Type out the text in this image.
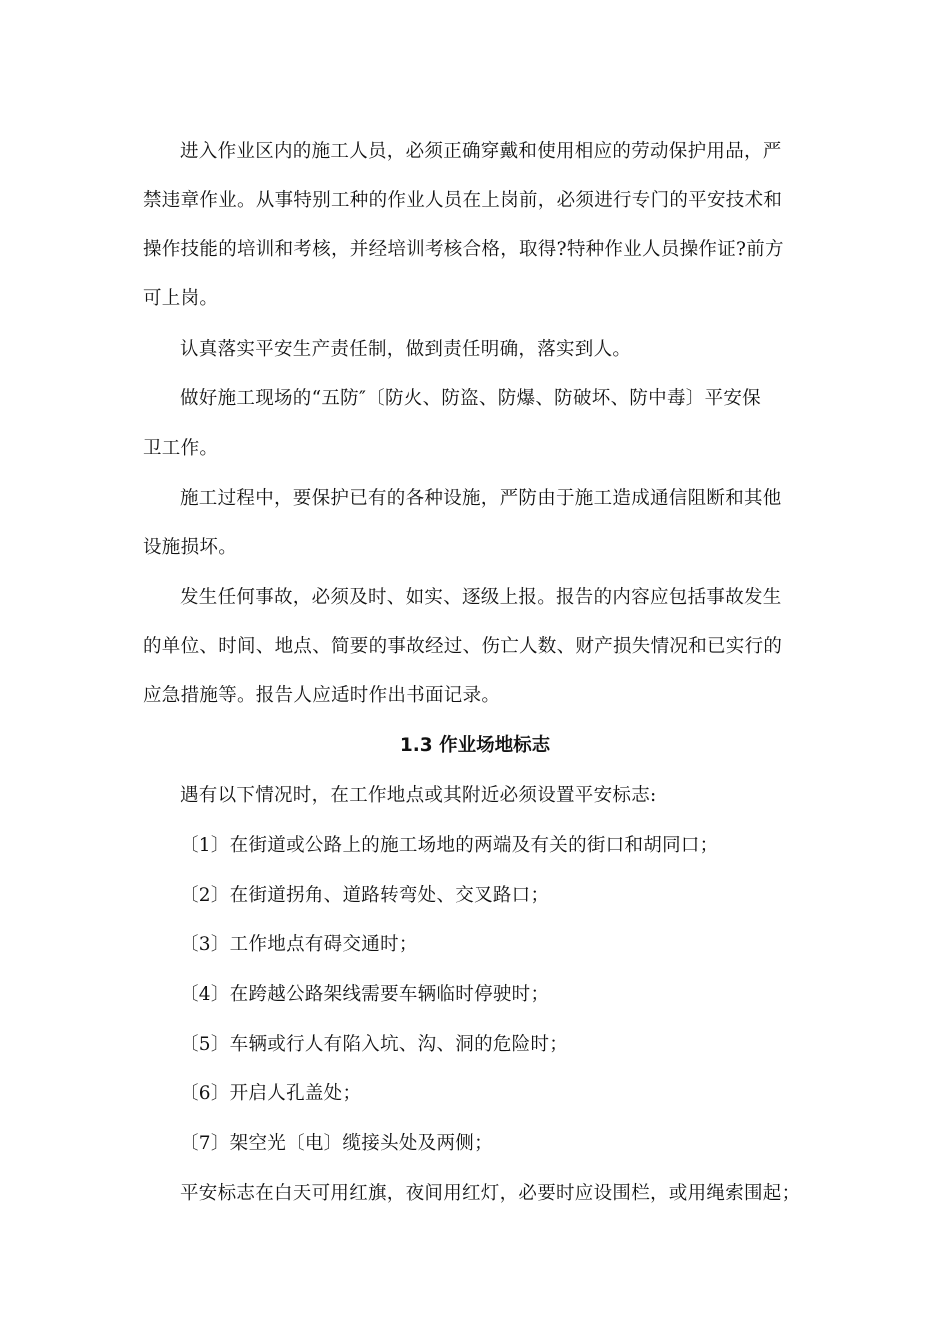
进入作业区内的施工人员，必须正确穿戴和使用相应的劳动保护用品，严
禁违章作业。从事特别工种的作业人员在上岗前，必须进行专门的平安技术和
操作技能的培训和考核，并经培训考核合格，取得?特种作业人员操作证?前方
可上岗。
认真落实平安生产责任制，做到责任明确，落实到人。
做好施工现场的“五防″〔防火、防盗、防爆、防破坏、防中毒〕平安保
卫工作。
施工过程中，要保护已有的各种设施，严防由于施工造成通信阻断和其他
设施损坏。
发生任何事故，必须及时、如实、逐级上报。报告的内容应包括事故发生
的单位、时间、地点、简要的事故经过、伤亡人数、财产损失情况和已实行的
应急措施等。报告人应适时作出书面记录。
1.3 作业场地标志
遇有以下情况时，在工作地点或其附近必须设置平安标志:
〔1〕在街道或公路上的施工场地的两端及有关的街口和胡同口；
〔2〕在街道拐角、道路转弯处、交叉路口；
〔3〕工作地点有碍交通时；
〔4〕在跨越公路架线需要车辆临时停驶时；
〔5〕车辆或行人有陷入坑、沟、洞的危险时；
〔6〕开启人孔盖处；
〔7〕架空光〔电〕缆接头处及两侧；
平安标志在白天可用红旗，夜间用红灯，必要时应设围栏，或用绳索围起；
